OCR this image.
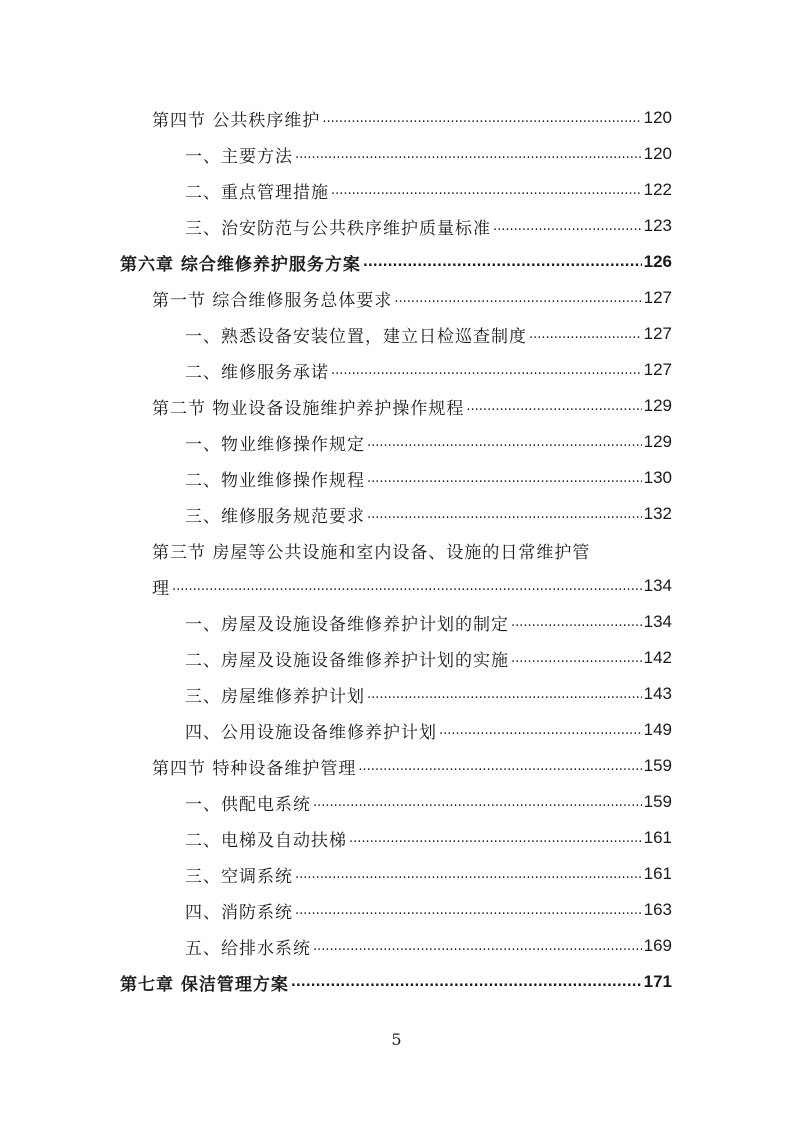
第四节 公共秩序维护 .....	120
一、主要方法 .....	120
二、重点管理措施 .....	122
三、治安防范与公共秩序维护质量标准 .....	123
第六章 综合维修养护服务方案 .....	126
第一节 综合维修服务总体要求 .....	127
一、熟悉设备安装位置，建立日检巡查制度 .....	127
二、维修服务承诺 .....	127
第二节 物业设备设施维护养护操作规程 .....	129
一、物业维修操作规定 .....	129
二、物业维修操作规程 .....	130
三、维修服务规范要求 .....	132
第三节 房屋等公共设施和室内设备、设施的日常维护管
理 .....	134
一、房屋及设施设备维修养护计划的制定 .....	134
二、房屋及设施设备维修养护计划的实施 .....	142
三、房屋维修养护计划 .....	143
四、公用设施设备维修养护计划 .....	149
第四节 特种设备维护管理 .....	159
一、供配电系统 .....	159
二、电梯及自动扶梯 .....	161
三、空调系统 .....	161
四、消防系统 .....	163
五、给排水系统 .....	169
第七章 保洁管理方案 .....	171
5
